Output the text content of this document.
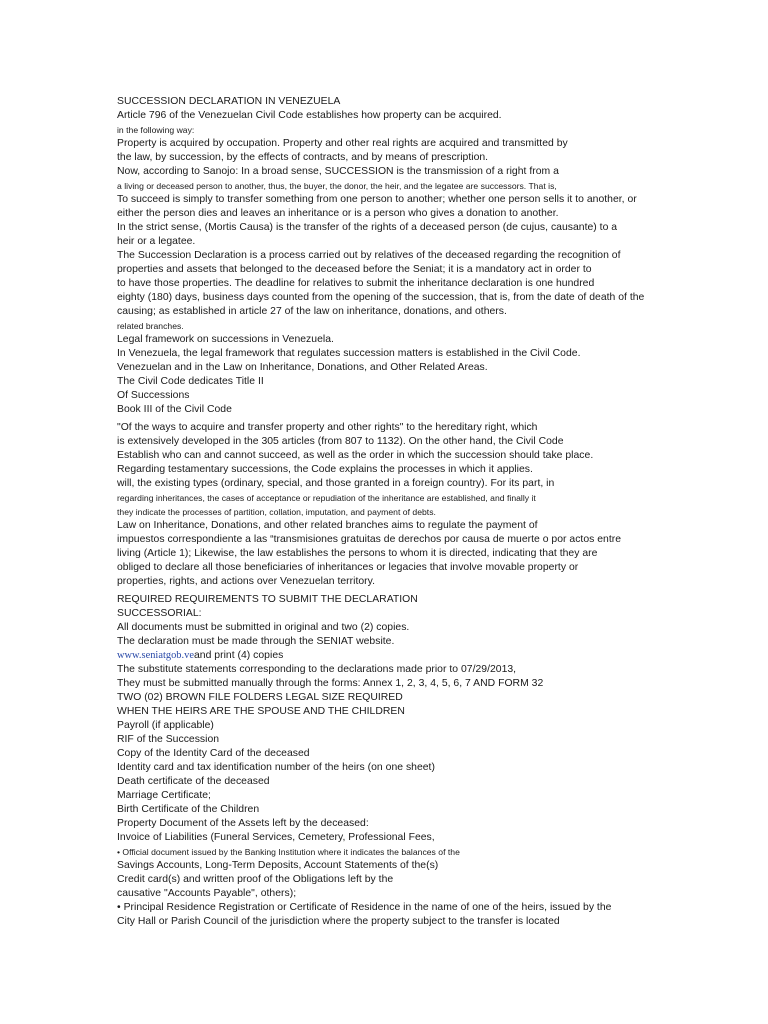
SUCCESSION DECLARATION IN VENEZUELA
Article 796 of the Venezuelan Civil Code establishes how property can be acquired.
in the following way:
Property is acquired by occupation. Property and other real rights are acquired and transmitted by
the law, by succession, by the effects of contracts, and by means of prescription.
Now, according to Sanojo: In a broad sense, SUCCESSION is the transmission of a right from a
a living or deceased person to another, thus, the buyer, the donor, the heir, and the legatee are successors. That is,
To succeed is simply to transfer something from one person to another; whether one person sells it to another, or
either the person dies and leaves an inheritance or is a person who gives a donation to another.
In the strict sense, (Mortis Causa) is the transfer of the rights of a deceased person (de cujus, causante) to a
heir or a legatee.
The Succession Declaration is a process carried out by relatives of the deceased regarding the recognition of
properties and assets that belonged to the deceased before the Seniat; it is a mandatory act in order to
to have those properties. The deadline for relatives to submit the inheritance declaration is one hundred
eighty (180) days, business days counted from the opening of the succession, that is, from the date of death of the
causing; as established in article 27 of the law on inheritance, donations, and others.
related branches.
Legal framework on successions in Venezuela.
In Venezuela, the legal framework that regulates succession matters is established in the Civil Code.
Venezuelan and in the Law on Inheritance, Donations, and Other Related Areas.
The Civil Code dedicates Title II
Of Successions
Book III of the Civil Code
"Of the ways to acquire and transfer property and other rights" to the hereditary right, which
is extensively developed in the 305 articles (from 807 to 1132). On the other hand, the Civil Code
Establish who can and cannot succeed, as well as the order in which the succession should take place.
Regarding testamentary successions, the Code explains the processes in which it applies.
will, the existing types (ordinary, special, and those granted in a foreign country). For its part, in
regarding inheritances, the cases of acceptance or repudiation of the inheritance are established, and finally it
they indicate the processes of partition, collation, imputation, and payment of debts.
Law on Inheritance, Donations, and other related branches aims to regulate the payment of
impuestos correspondiente a las “transmisiones gratuitas de derechos por causa de muerte o por actos entre
living (Article 1); Likewise, the law establishes the persons to whom it is directed, indicating that they are
obliged to declare all those beneficiaries of inheritances or legacies that involve movable property or
properties, rights, and actions over Venezuelan territory.
REQUIRED REQUIREMENTS TO SUBMIT THE DECLARATION
SUCCESSORIAL:
All documents must be submitted in original and two (2) copies.
The declaration must be made through the SENIAT website.
www.seniatgob.veand print (4) copies
The substitute statements corresponding to the declarations made prior to 07/29/2013,
They must be submitted manually through the forms: Annex 1, 2, 3, 4, 5, 6, 7 AND FORM 32
TWO (02) BROWN FILE FOLDERS LEGAL SIZE REQUIRED
WHEN THE HEIRS ARE THE SPOUSE AND THE CHILDREN
Payroll (if applicable)
RIF of the Succession
Copy of the Identity Card of the deceased
Identity card and tax identification number of the heirs (on one sheet)
Death certificate of the deceased
Marriage Certificate;
Birth Certificate of the Children
Property Document of the Assets left by the deceased:
Invoice of Liabilities (Funeral Services, Cemetery, Professional Fees,
• Official document issued by the Banking Institution where it indicates the balances of the
Savings Accounts, Long-Term Deposits, Account Statements of the(s)
Credit card(s) and written proof of the Obligations left by the
causative "Accounts Payable", others);
• Principal Residence Registration or Certificate of Residence in the name of one of the heirs, issued by the
City Hall or Parish Council of the jurisdiction where the property subject to the transfer is located
